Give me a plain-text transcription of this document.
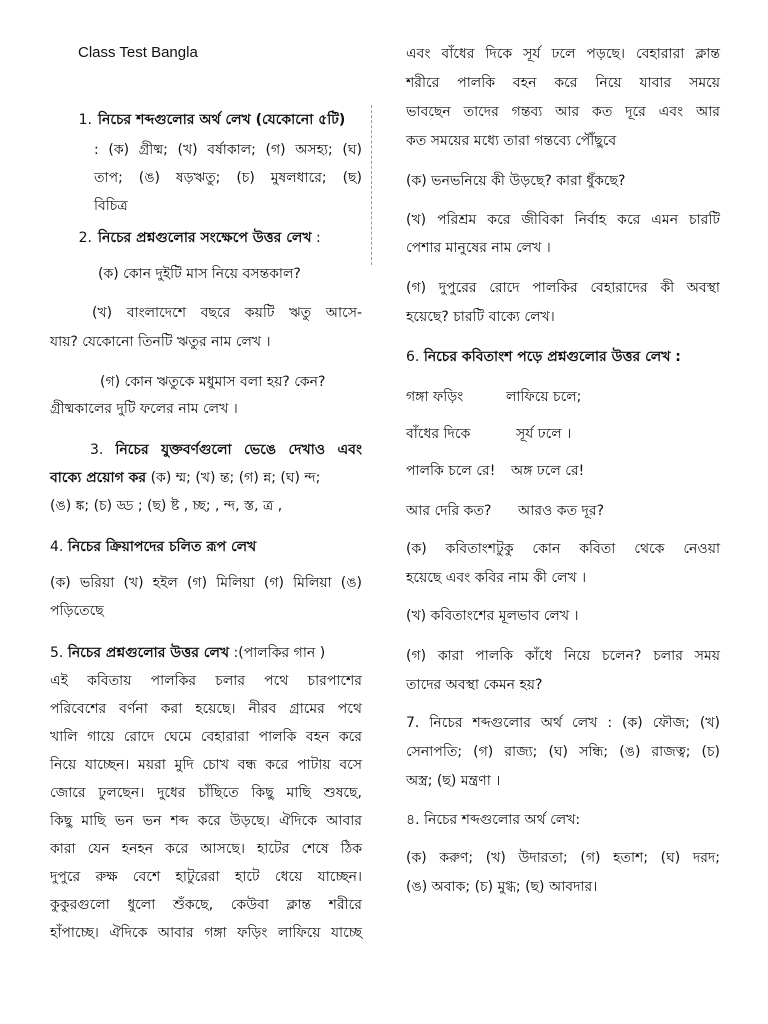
Class Test Bangla

1. নিচের শব্দগুলোর অর্থ লেখ (যেকোনো ৫টি)

: (ক) গ্রীষ্ম; (খ) বর্ষাকাল; (গ) অসহ্য; (ঘ)

তাপ; (ঙ) ষড়ঋতু; (চ) মুষলধারে; (ছ)

বিচিত্র

2. নিচের প্রশ্নগুলোর সংক্ষেপে উত্তর লেখ :

(ক) কোন দুইটি মাস নিয়ে বসন্তকাল?

(খ) বাংলাদেশে বছরে কয়টি ঋতু আসে-

যায়? যেকোনো তিনটি ঋতুর নাম লেখ ।

(গ) কোন ঋতুকে মধুমাস বলা হয়? কেন?

গ্রীষ্মকালের দুটি ফলের নাম লেখ ।

3. নিচের যুক্তবর্ণগুলো ভেঙে দেখাও এবং

বাক্যে প্রয়োগ কর (ক) ম্ম; (খ) ন্ত; (গ) ন্ন; (ঘ) ন্দ;

(ঙ) ঙ্ক; (চ) ড্ড ; (ছ) ষ্ট , চ্ছ; , ন্দ, স্ত, ত্র ,

4. নিচের ক্রিয়াপদের চলিত রূপ লেখ

(ক) ভরিয়া (খ) হইল (গ) মিলিয়া (গ) মিলিয়া (ঙ)

পড়িতেছে

5. নিচের প্রশ্নগুলোর উত্তর লেখ :(পালকির গান )

এই কবিতায় পালকির চলার পথে চারপাশের

পরিবেশের বর্ণনা করা হয়েছে। নীরব গ্রামের পথে

খালি গায়ে রোদে ঘেমে বেহারারা পালকি বহন করে

নিয়ে যাচ্ছেন। ময়রা মুদি চোখ বন্ধ করে পাটায় বসে

জোরে ঢুলছেন। দুধের চাঁছিতে কিছু মাছি শুষছে,

কিছু মাছি ভন ভন শব্দ করে উড়ছে। ঐদিকে আবার

কারা যেন হনহন করে আসছে। হাটের শেষে ঠিক

দুপুরে রুক্ষ বেশে হাটুরেরা হাটে ধেয়ে যাচ্ছেন।

কুকুরগুলো ধুলো শুঁকছে, কেউবা ক্লান্ত শরীরে

হাঁপাচ্ছে। ঐদিকে আবার গঙ্গা ফড়িং লাফিয়ে যাচ্ছে

এবং বাঁধের দিকে সূর্য ঢলে পড়ছে। বেহারারা ক্লান্ত

শরীরে পালকি বহন করে নিয়ে যাবার সময়ে

ভাবছেন তাদের গন্তব্য আর কত দূরে এবং আর

কত সময়ের মধ্যে তারা গন্তব্যে পৌঁছুবে

(ক) ভনভনিয়ে কী উড়ছে? কারা ধুঁকছে?

(খ) পরিশ্রম করে জীবিকা নির্বাহ করে এমন চারটি

পেশার মানুষের নাম লেখ ।

(গ) দুপুরের রোদে পালকির বেহারাদের কী অবস্থা

হয়েছে? চারটি বাক্যে লেখ।

6. নিচের কবিতাংশ পড়ে প্রশ্নগুলোর উত্তর লেখ :

গঙ্গা ফড়িং	লাফিয়ে চলে;

বাঁধের দিকে	সূর্য ঢলে ।

পালকি চলে রে! অঙ্গ ঢলে রে!

আর দেরি কত? আরও কত দূর?

(ক) কবিতাংশটুকু কোন কবিতা থেকে নেওয়া

হয়েছে এবং কবির নাম কী লেখ ।

(খ) কবিতাংশের মূলভাব লেখ ।

(গ) কারা পালকি কাঁধে নিয়ে চলেন? চলার সময়

তাদের অবস্থা কেমন হয়?

7. নিচের শব্দগুলোর অর্থ লেখ : (ক) ফৌজ; (খ)

সেনাপতি; (গ) রাজ্য; (ঘ) সন্ধি; (ঙ) রাজত্ব; (চ)

অস্ত্র; (ছ) মন্ত্রণা ।

৪. নিচের শব্দগুলোর অর্থ লেখ:

(ক) করুণ; (খ) উদারতা; (গ) হতাশ; (ঘ) দরদ;

(ঙ) অবাক; (চ) মুগ্ধ; (ছ) আবদার।
